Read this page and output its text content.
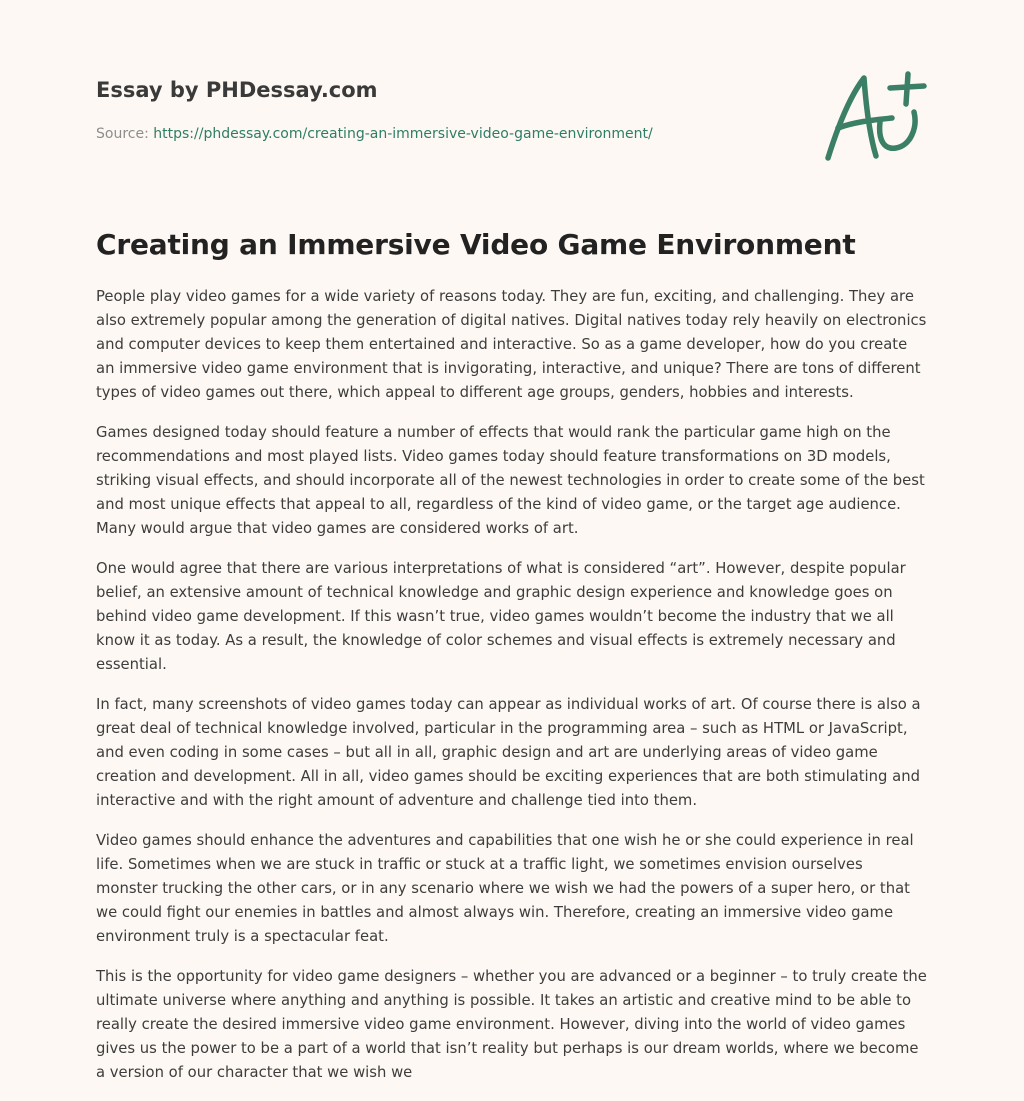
Essay by PHDessay.com
Source: https://phdessay.com/creating-an-immersive-video-game-environment/
Creating an Immersive Video Game Environment

People play video games for a wide variety of reasons today. They are fun, exciting, and challenging. They are also extremely popular among the generation of digital natives. Digital natives today rely heavily on electronics and computer devices to keep them entertained and interactive. So as a game developer, how do you create an immersive video game environment that is invigorating, interactive, and unique? There are tons of different types of video games out there, which appeal to different age groups, genders, hobbies and interests.

Games designed today should feature a number of effects that would rank the particular game high on the recommendations and most played lists. Video games today should feature transformations on 3D models, striking visual effects, and should incorporate all of the newest technologies in order to create some of the best and most unique effects that appeal to all, regardless of the kind of video game, or the target age audience. Many would argue that video games are considered works of art.

One would agree that there are various interpretations of what is considered “art”. However, despite popular belief, an extensive amount of technical knowledge and graphic design experience and knowledge goes on behind video game development. If this wasn’t true, video games wouldn’t become the industry that we all know it as today. As a result, the knowledge of color schemes and visual effects is extremely necessary and essential.

In fact, many screenshots of video games today can appear as individual works of art. Of course there is also a great deal of technical knowledge involved, particular in the programming area – such as HTML or JavaScript, and even coding in some cases – but all in all, graphic design and art are underlying areas of video game creation and development. All in all, video games should be exciting experiences that are both stimulating and interactive and with the right amount of adventure and challenge tied into them.

Video games should enhance the adventures and capabilities that one wish he or she could experience in real life. Sometimes when we are stuck in traffic or stuck at a traffic light, we sometimes envision ourselves monster trucking the other cars, or in any scenario where we wish we had the powers of a super hero, or that we could fight our enemies in battles and almost always win. Therefore, creating an immersive video game environment truly is a spectacular feat.

This is the opportunity for video game designers – whether you are advanced or a beginner – to truly create the ultimate universe where anything and anything is possible. It takes an artistic and creative mind to be able to really create the desired immersive video game environment. However, diving into the world of video games gives us the power to be a part of a world that isn’t reality but perhaps is our dream worlds, where we become a version of our character that we wish we
